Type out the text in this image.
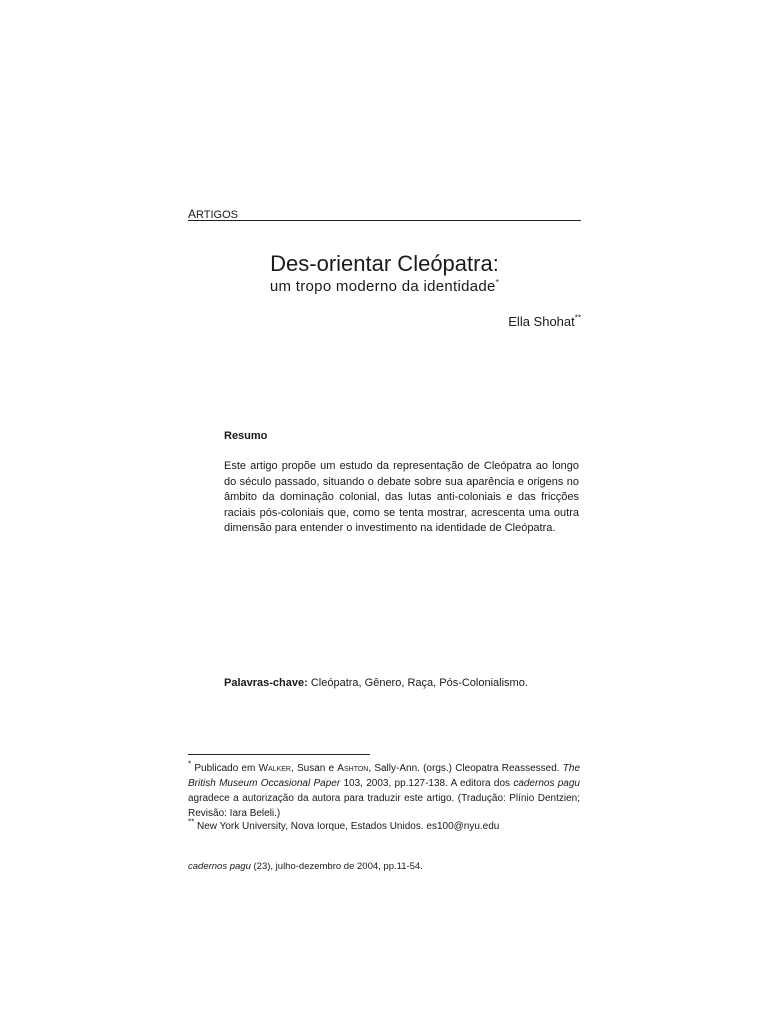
ARTIGOS
Des-orientar Cleópatra:
um tropo moderno da identidade*
Ella Shohat**
Resumo
Este artigo propõe um estudo da representação de Cleópatra ao longo do século passado, situando o debate sobre sua aparência e origens no âmbito da dominação colonial, das lutas anti-coloniais e das fricções raciais pós-coloniais que, como se tenta mostrar, acrescenta uma outra dimensão para entender o investimento na identidade de Cleópatra.
Palavras-chave: Cleópatra, Gênero, Raça, Pós-Colonialismo.
* Publicado em Walker, Susan e Ashton, Sally-Ann. (orgs.) Cleopatra Reassessed. The British Museum Occasional Paper 103, 2003, pp.127-138. A editora dos cadernos pagu agradece a autorização da autora para traduzir este artigo. (Tradução: Plínio Dentzien; Revisão: Iara Beleli.)
** New York University, Nova Iorque, Estados Unidos. es100@nyu.edu
cadernos pagu (23), julho-dezembro de 2004, pp.11-54.
